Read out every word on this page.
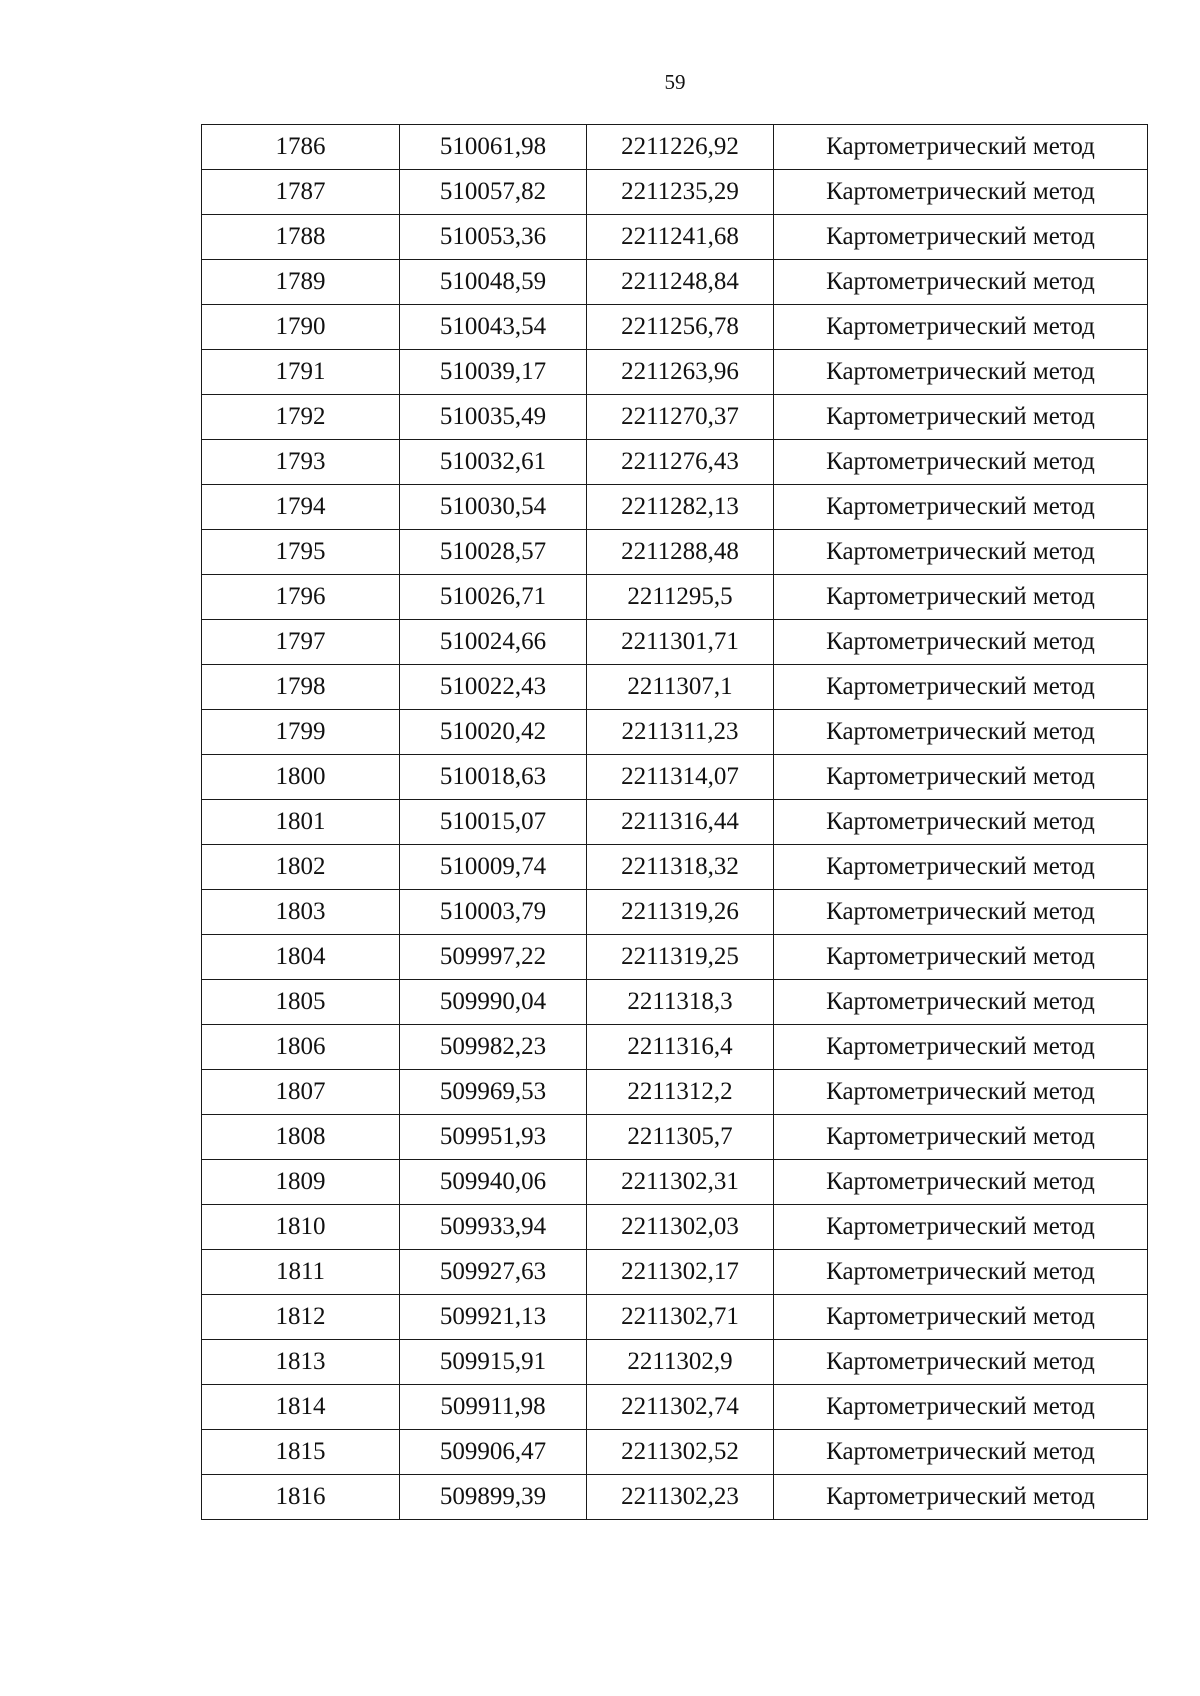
59
1786	510061,98	2211226,92	Картометрический метод
1787	510057,82	2211235,29	Картометрический метод
1788	510053,36	2211241,68	Картометрический метод
1789	510048,59	2211248,84	Картометрический метод
1790	510043,54	2211256,78	Картометрический метод
1791	510039,17	2211263,96	Картометрический метод
1792	510035,49	2211270,37	Картометрический метод
1793	510032,61	2211276,43	Картометрический метод
1794	510030,54	2211282,13	Картометрический метод
1795	510028,57	2211288,48	Картометрический метод
1796	510026,71	2211295,5	Картометрический метод
1797	510024,66	2211301,71	Картометрический метод
1798	510022,43	2211307,1	Картометрический метод
1799	510020,42	2211311,23	Картометрический метод
1800	510018,63	2211314,07	Картометрический метод
1801	510015,07	2211316,44	Картометрический метод
1802	510009,74	2211318,32	Картометрический метод
1803	510003,79	2211319,26	Картометрический метод
1804	509997,22	2211319,25	Картометрический метод
1805	509990,04	2211318,3	Картометрический метод
1806	509982,23	2211316,4	Картометрический метод
1807	509969,53	2211312,2	Картометрический метод
1808	509951,93	2211305,7	Картометрический метод
1809	509940,06	2211302,31	Картометрический метод
1810	509933,94	2211302,03	Картометрический метод
1811	509927,63	2211302,17	Картометрический метод
1812	509921,13	2211302,71	Картометрический метод
1813	509915,91	2211302,9	Картометрический метод
1814	509911,98	2211302,74	Картометрический метод
1815	509906,47	2211302,52	Картометрический метод
1816	509899,39	2211302,23	Картометрический метод
